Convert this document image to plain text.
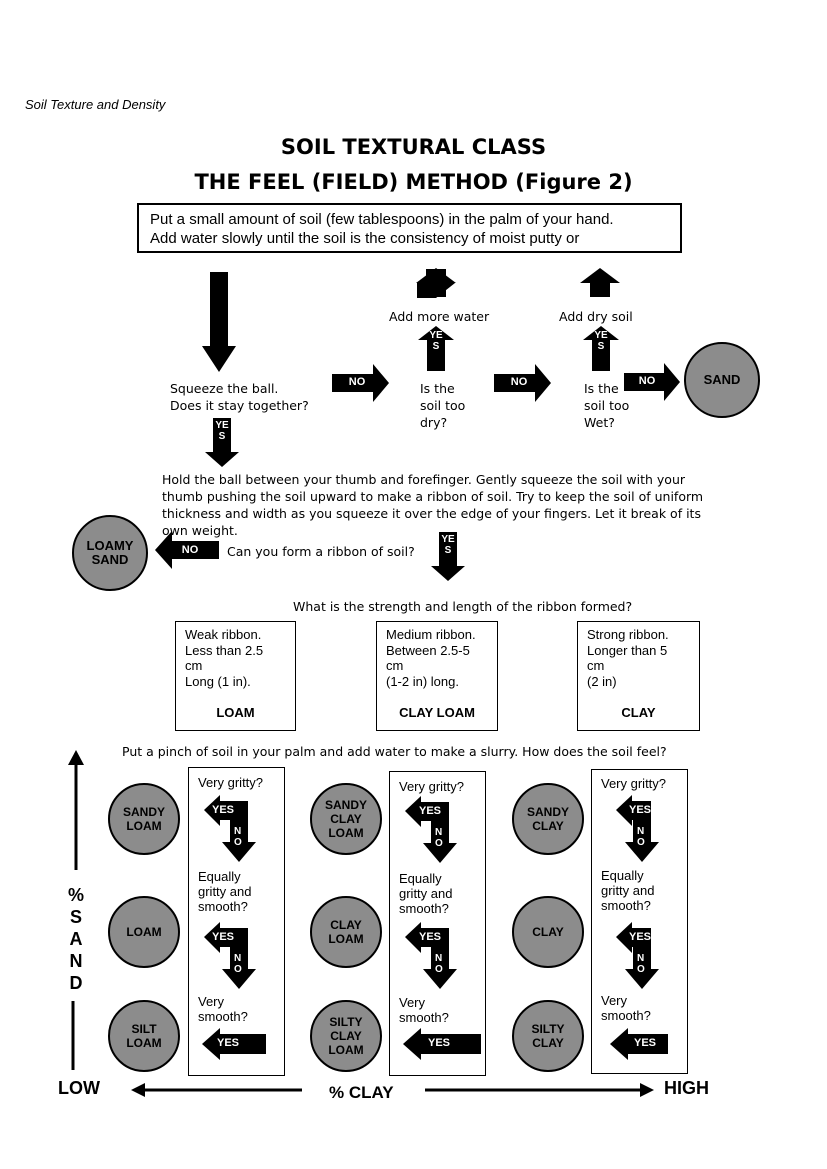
Soil Texture and Density
SOIL TEXTURAL CLASS
THE FEEL (FIELD) METHOD (Figure 2)
Put a small amount of soil (few tablespoons) in the palm of your hand.
Add water slowly until the soil is the consistency of moist putty or
NO	NO	NO
NO
YES
YES
YES
YES
Squeeze the ball.
Does it stay together?
Add more water	Add dry soil
Is the
soil too
dry?
Is the
soil too
Wet?
SAND
Hold the ball between your thumb and forefinger. Gently squeeze the soil with your thumb pushing the soil upward to make a ribbon of soil. Try to keep the soil of uniform thickness and width as you squeeze it over the edge of your fingers. Let it break of its own weight.
LOAMY
SAND
Can you form a ribbon of soil?
What is the strength and length of the ribbon formed?
Weak ribbon.
Less than 2.5
cm
Long (1 in).
LOAM
Medium ribbon.
Between 2.5-5
cm
(1-2 in) long.
CLAY LOAM
Strong ribbon.
Longer than 5
cm
(2 in)
CLAY
Put a pinch of soil in your palm and add water to make a slurry. How does the soil feel?
Very gritty?
Equally
gritty and
smooth?
Very
smooth?
Very gritty?
Equally
gritty and
smooth?
Very
smooth?
Very gritty?
Equally
gritty and
smooth?
Very
smooth?
YES
NO
YES
NO
YES
YES
NO
YES
NO
YES
YES
NO
YES
NO
YES
SANDY
LOAM
LOAM
SILT
LOAM
SANDY
CLAY
LOAM
CLAY
LOAM
SILTY
CLAY
LOAM
SANDY
CLAY
CLAY
SILTY
CLAY
%
S
A
N
D
LOW	% CLAY	HIGH
